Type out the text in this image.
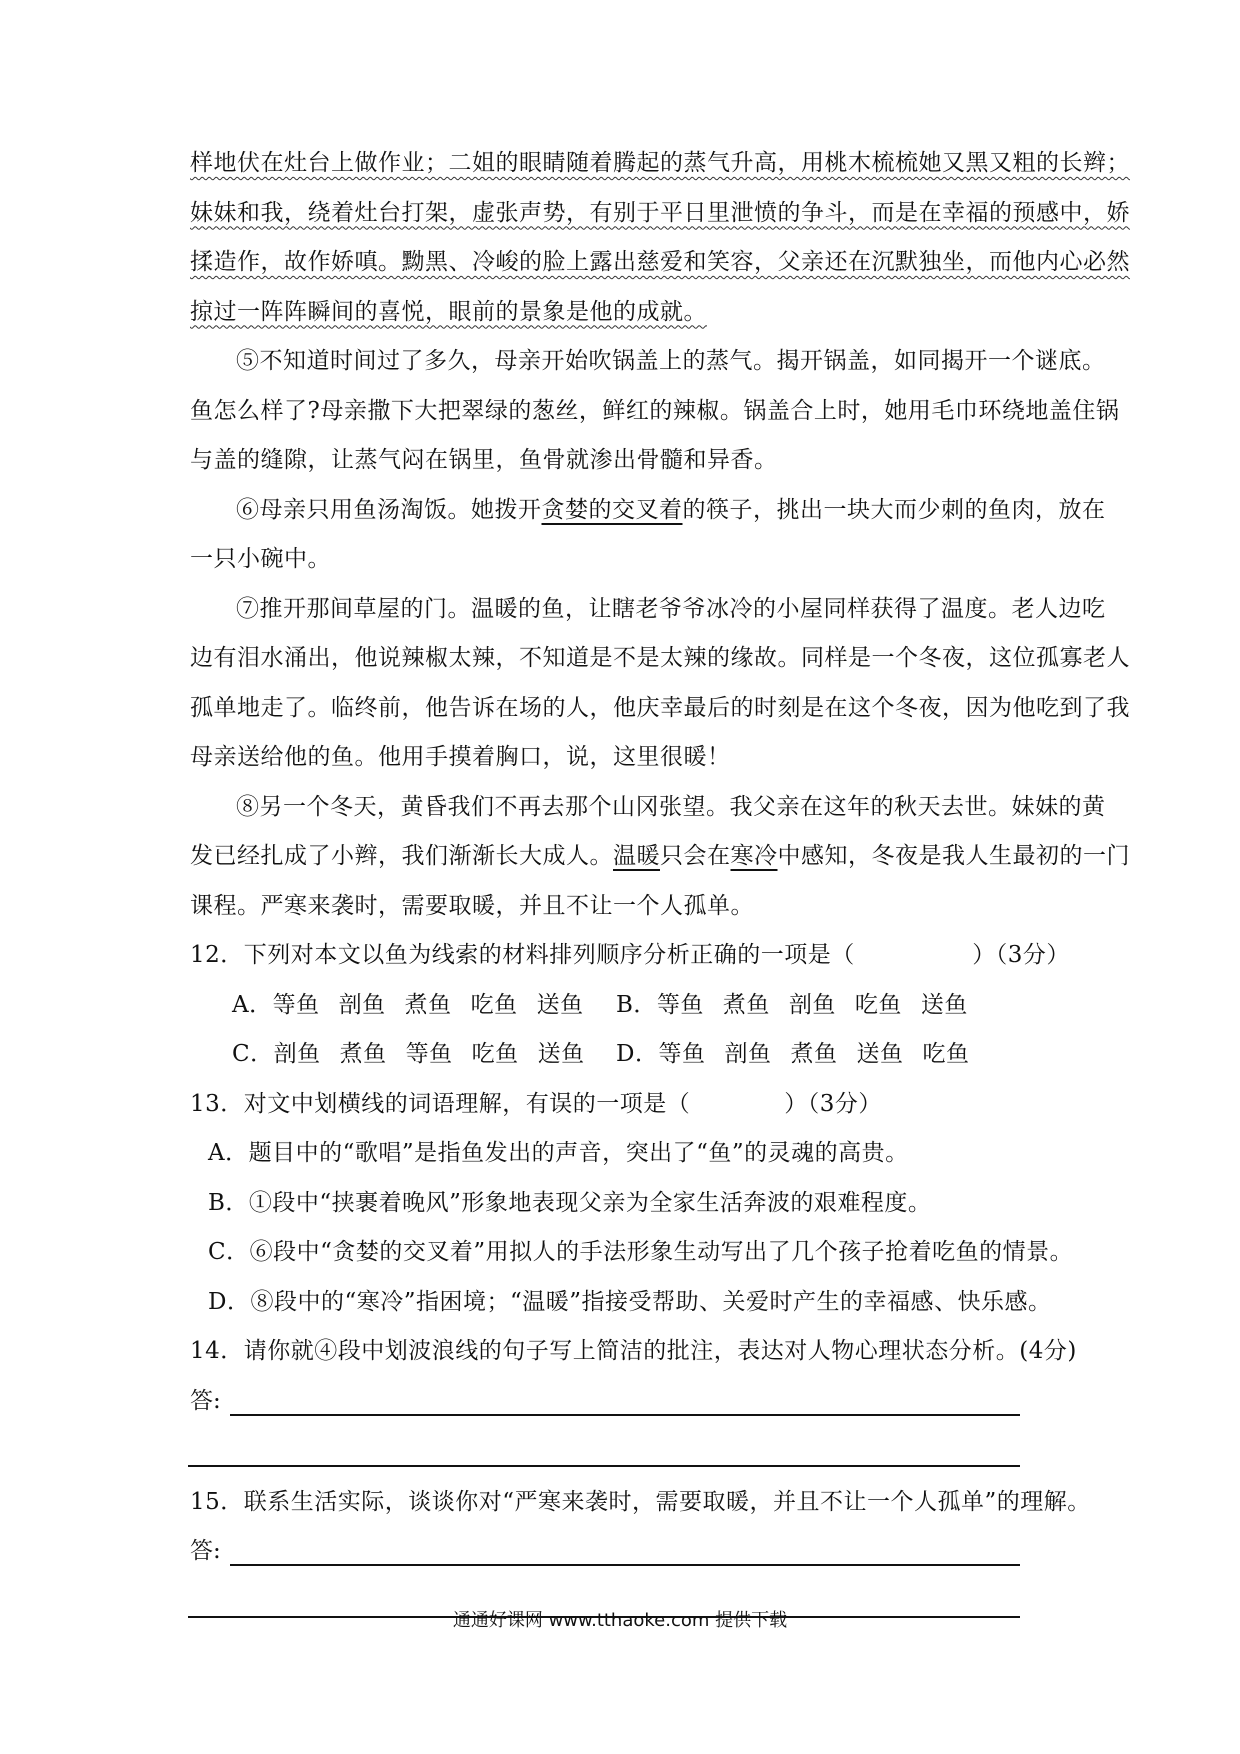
样地伏在灶台上做作业；二姐的眼睛随着腾起的蒸气升高，用桃木梳梳她又黑又粗的长辫；
妹妹和我，绕着灶台打架，虚张声势，有别于平日里泄愤的争斗，而是在幸福的预感中，娇
揉造作，故作娇嗔。黝黑、冷峻的脸上露出慈爱和笑容，父亲还在沉默独坐，而他内心必然
掠过一阵阵瞬间的喜悦，眼前的景象是他的成就。
⑤不知道时间过了多久，母亲开始吹锅盖上的蒸气。揭开锅盖，如同揭开一个谜底。
鱼怎么样了?母亲撒下大把翠绿的葱丝，鲜红的辣椒。锅盖合上时，她用毛巾环绕地盖住锅
与盖的缝隙，让蒸气闷在锅里，鱼骨就渗出骨髓和异香。
⑥母亲只用鱼汤淘饭。她拨开贪婪的交叉着的筷子，挑出一块大而少刺的鱼肉，放在
一只小碗中。
⑦推开那间草屋的门。温暖的鱼，让瞎老爷爷冰冷的小屋同样获得了温度。老人边吃
边有泪水涌出，他说辣椒太辣，不知道是不是太辣的缘故。同样是一个冬夜，这位孤寡老人
孤单地走了。临终前，他告诉在场的人，他庆幸最后的时刻是在这个冬夜，因为他吃到了我
母亲送给他的鱼。他用手摸着胸口，说，这里很暖！
⑧另一个冬天，黄昏我们不再去那个山冈张望。我父亲在这年的秋天去世。妹妹的黄
发已经扎成了小辫，我们渐渐长大成人。温暖只会在寒冷中感知，冬夜是我人生最初的一门
课程。严寒来袭时，需要取暖，并且不让一个人孤单。
12．下列对本文以鱼为线索的材料排列顺序分析正确的一项是（　　　　　）（3分）
A．等鱼 剖鱼 煮鱼 吃鱼 送鱼 B．等鱼 煮鱼 剖鱼 吃鱼 送鱼
C．剖鱼 煮鱼 等鱼 吃鱼 送鱼 D．等鱼 剖鱼 煮鱼 送鱼 吃鱼
13．对文中划横线的词语理解，有误的一项是（　　　　）（3分）
A．题目中的“歌唱”是指鱼发出的声音，突出了“鱼”的灵魂的高贵。
B．①段中“挟裹着晚风”形象地表现父亲为全家生活奔波的艰难程度。
C．⑥段中“贪婪的交叉着”用拟人的手法形象生动写出了几个孩子抢着吃鱼的情景。
D．⑧段中的“寒冷”指困境；“温暖”指接受帮助、关爱时产生的幸福感、快乐感。
14．请你就④段中划波浪线的句子写上简洁的批注，表达对人物心理状态分析。(4分)
答:
15．联系生活实际，谈谈你对“严寒来袭时，需要取暖，并且不让一个人孤单”的理解。
答:
通通好课网 www.tthaoke.com 提供下载
